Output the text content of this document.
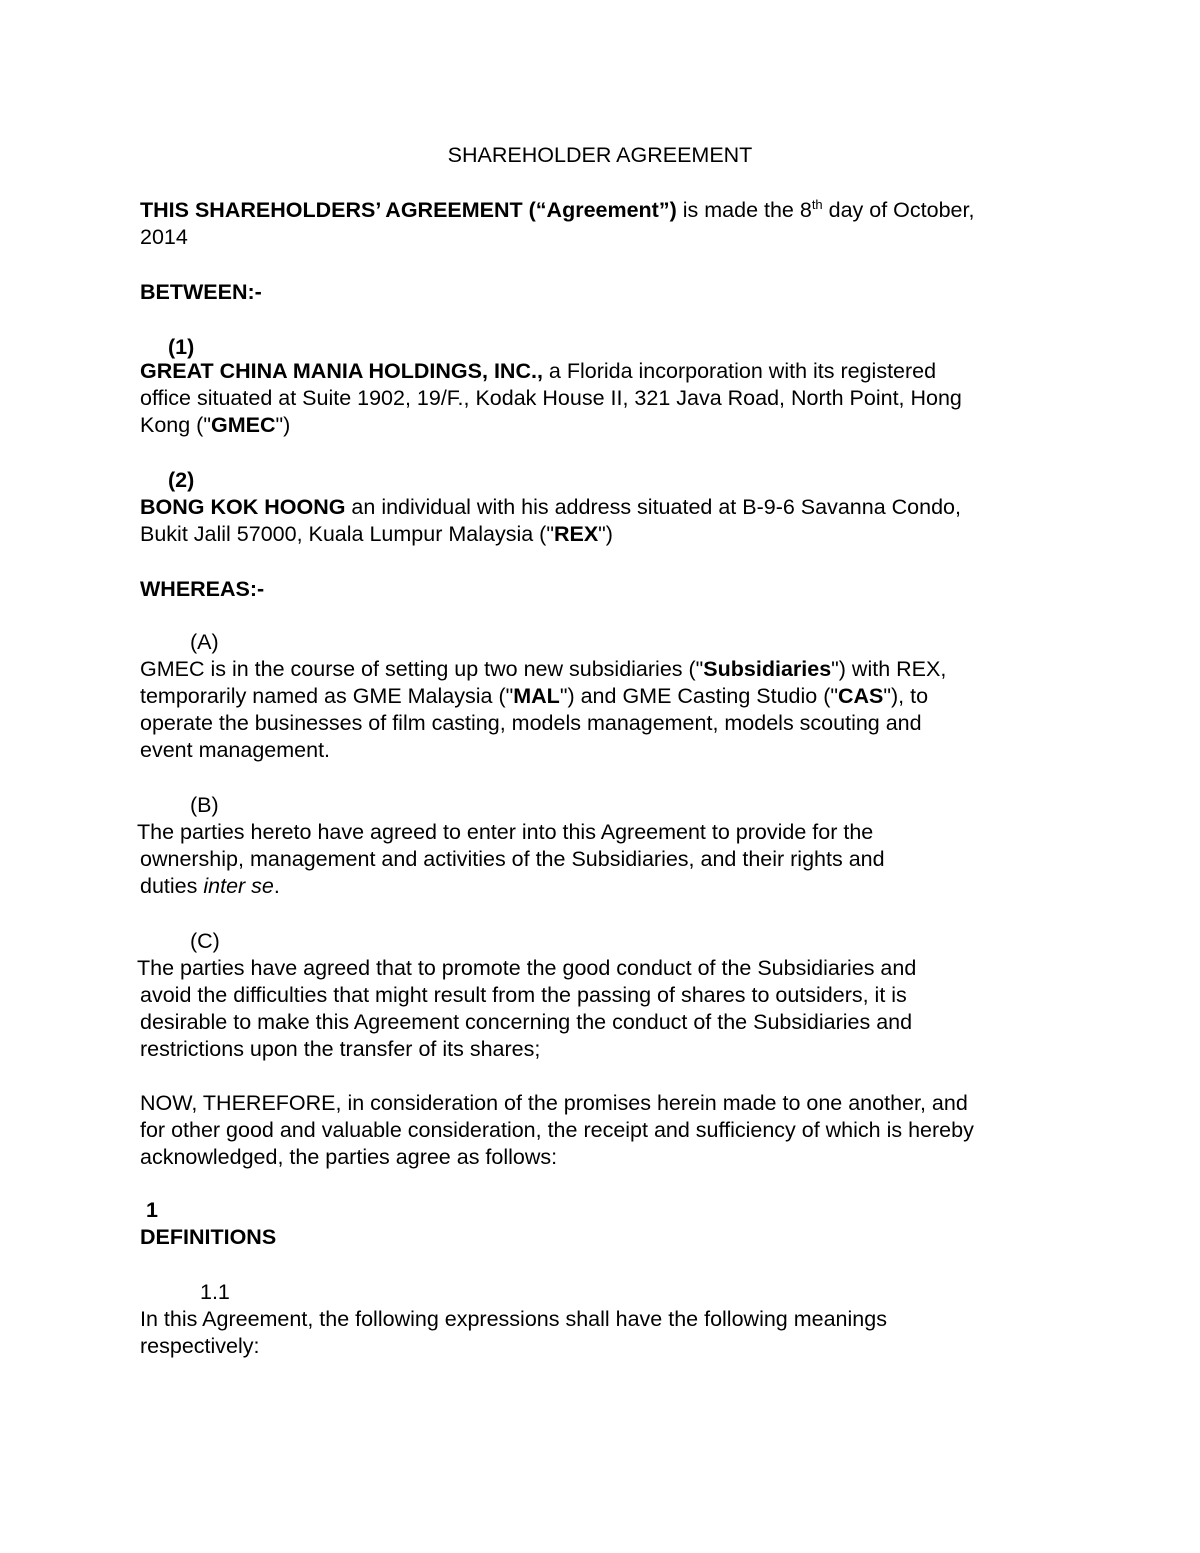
SHAREHOLDER AGREEMENT
THIS SHAREHOLDERS’ AGREEMENT (“Agreement”) is made the 8th day of October,
2014
BETWEEN:-
(1)
GREAT CHINA MANIA HOLDINGS, INC., a Florida incorporation with its registered
office situated at Suite 1902, 19/F., Kodak House II, 321 Java Road, North Point, Hong
Kong ("GMEC")
(2)
BONG KOK HOONG an individual with his address situated at B-9-6 Savanna Condo,
Bukit Jalil 57000, Kuala Lumpur Malaysia ("REX")
WHEREAS:-
(A)
GMEC is in the course of setting up two new subsidiaries ("Subsidiaries") with REX,
temporarily named as GME Malaysia ("MAL") and GME Casting Studio ("CAS"), to
operate the businesses of film casting, models management, models scouting and
event management.
(B)
The parties hereto have agreed to enter into this Agreement to provide for the
ownership, management and activities of the Subsidiaries, and their rights and
duties inter se.
(C)
The parties have agreed that to promote the good conduct of the Subsidiaries and
avoid the difficulties that might result from the passing of shares to outsiders, it is
desirable to make this Agreement concerning the conduct of the Subsidiaries and
restrictions upon the transfer of its shares;
NOW, THEREFORE, in consideration of the promises herein made to one another, and
for other good and valuable consideration, the receipt and sufficiency of which is hereby
acknowledged, the parties agree as follows:
1
DEFINITIONS
1.1
In this Agreement, the following expressions shall have the following meanings
respectively:
